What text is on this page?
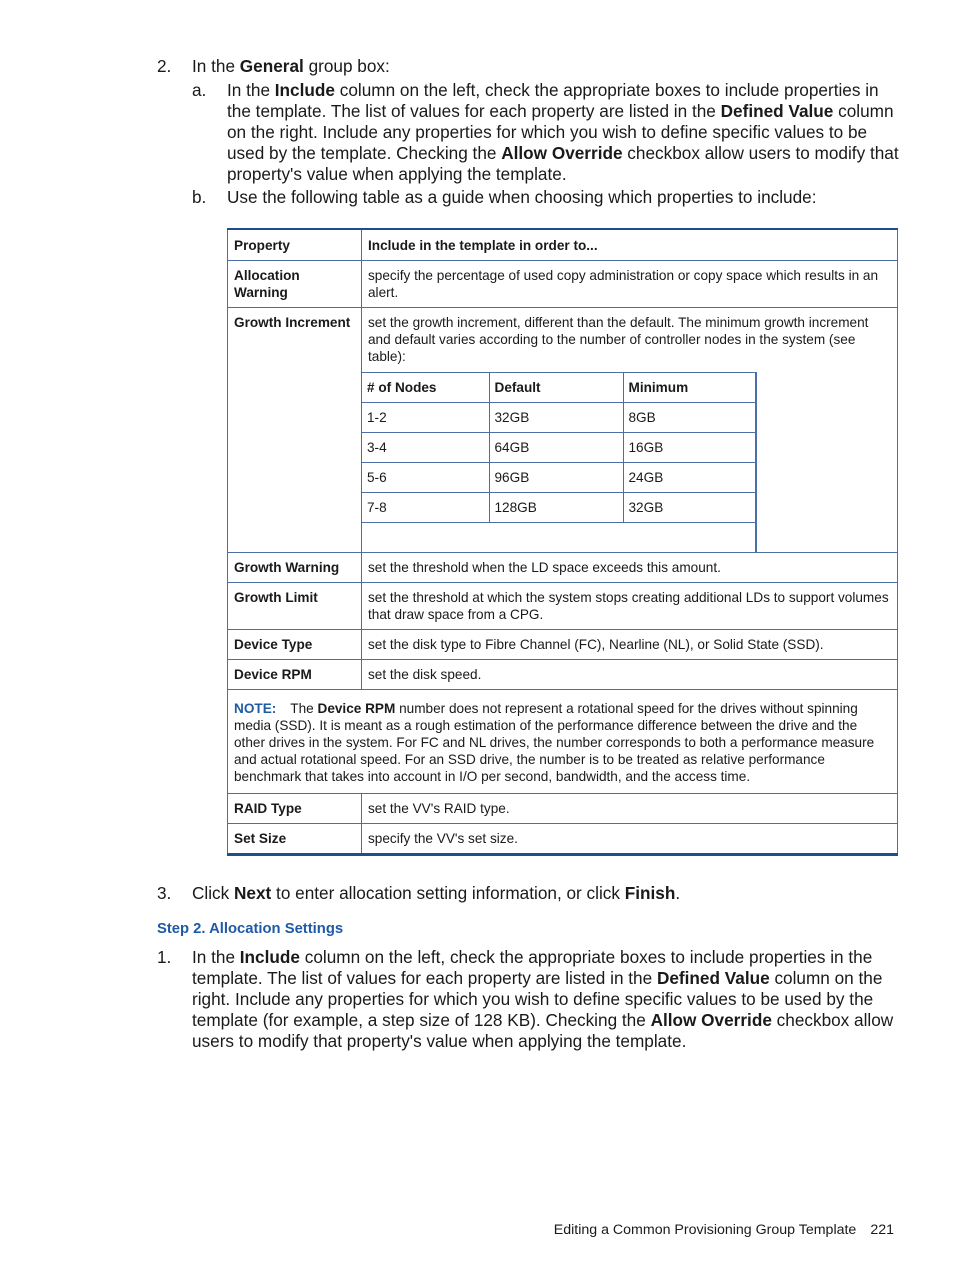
2. In the General group box:
a. In the Include column on the left, check the appropriate boxes to include properties in the template. The list of values for each property are listed in the Defined Value column on the right. Include any properties for which you wish to define specific values to be used by the template. Checking the Allow Override checkbox allow users to modify that property's value when applying the template.
b. Use the following table as a guide when choosing which properties to include:
Property	Include in the template in order to...
Allocation Warning	specify the percentage of used copy administration or copy space which results in an alert.
Growth Increment	set the growth increment, different than the default. The minimum growth increment and default varies according to the number of controller nodes in the system (see table):
# of Nodes	Default	Minimum
1-2	32GB	8GB
3-4	64GB	16GB
5-6	96GB	24GB
7-8	128GB	32GB

Growth Warning	set the threshold when the LD space exceeds this amount.
Growth Limit	set the threshold at which the system stops creating additional LDs to support volumes that draw space from a CPG.
Device Type	set the disk type to Fibre Channel (FC), Nearline (NL), or Solid State (SSD).
Device RPM	set the disk speed.
NOTE: The Device RPM number does not represent a rotational speed for the drives without spinning media (SSD). It is meant as a rough estimation of the performance difference between the drive and the other drives in the system. For FC and NL drives, the number corresponds to both a performance measure and actual rotational speed. For an SSD drive, the number is to be treated as relative performance benchmark that takes into account in I/O per second, bandwidth, and the access time.
RAID Type	set the VV's RAID type.
Set Size	specify the VV's set size.
3. Click Next to enter allocation setting information, or click Finish.
Step 2. Allocation Settings
1. In the Include column on the left, check the appropriate boxes to include properties in the template. The list of values for each property are listed in the Defined Value column on the right. Include any properties for which you wish to define specific values to be used by the template (for example, a step size of 128 KB). Checking the Allow Override checkbox allow users to modify that property's value when applying the template.
Editing a Common Provisioning Group Template 221
